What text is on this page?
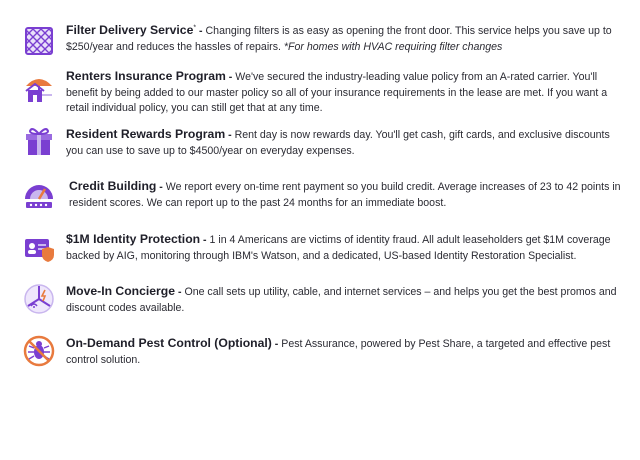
Filter Delivery Service* - Changing filters is as easy as opening the front door. This service helps you save up to $250/year and reduces the hassles of repairs. *For homes with HVAC requiring filter changes
Renters Insurance Program - We've secured the industry-leading value policy from an A-rated carrier. You'll benefit by being added to our master policy so all of your insurance requirements in the lease are met. If you want a retail individual policy, you can still get that at any time.
Resident Rewards Program - Rent day is now rewards day. You'll get cash, gift cards, and exclusive discounts you can use to save up to $4500/year on everyday expenses.
Credit Building - We report every on-time rent payment so you build credit. Average increases of 23 to 42 points in resident scores. We can report up to the past 24 months for an immediate boost.
$1M Identity Protection - 1 in 4 Americans are victims of identity fraud. All adult leaseholders get $1M coverage backed by AIG, monitoring through IBM's Watson, and a dedicated, US-based Identity Restoration Specialist.
Move-In Concierge - One call sets up utility, cable, and internet services – and helps you get the best promos and discount codes available.
On-Demand Pest Control (Optional) - Pest Assurance, powered by Pest Share, a targeted and effective pest control solution.
